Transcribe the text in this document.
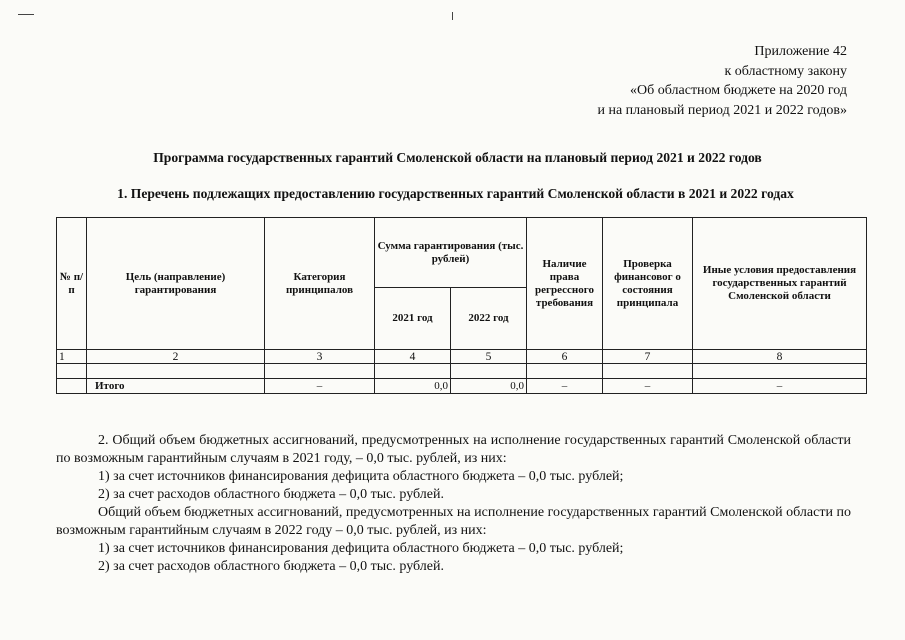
Приложение 42
к областному закону
«Об областном бюджете на 2020 год
и на плановый период 2021 и 2022 годов»
Программа государственных гарантий Смоленской области на плановый период 2021 и 2022 годов
1. Перечень подлежащих предоставлению государственных гарантий Смоленской области в 2021 и 2022 годах
№ п/п	Цель (направление) гарантирования	Категория принципалов	Сумма гарантирования (тыс. рублей)		Наличие права регрессного требования	Проверка финансовог о состояния принципала	Иные условия предоставления государственных гарантий Смоленской области
			2021 год	2022 год			
1	2	3	4	5	6	7	8

	Итого	–	0,0	0,0	–	–	–

2. Общий объем бюджетных ассигнований, предусмотренных на исполнение государственных гарантий Смоленской области по возможным гарантийным случаям в 2021 году, – 0,0 тыс. рублей, из них:

1) за счет источников финансирования дефицита областного бюджета – 0,0 тыс. рублей;

2) за счет расходов областного бюджета – 0,0 тыс. рублей.

Общий объем бюджетных ассигнований, предусмотренных на исполнение государственных гарантий Смоленской области по возможным гарантийным случаям в 2022 году – 0,0 тыс. рублей, из них:

1) за счет источников финансирования дефицита областного бюджета – 0,0 тыс. рублей;

2) за счет расходов областного бюджета – 0,0 тыс. рублей.
